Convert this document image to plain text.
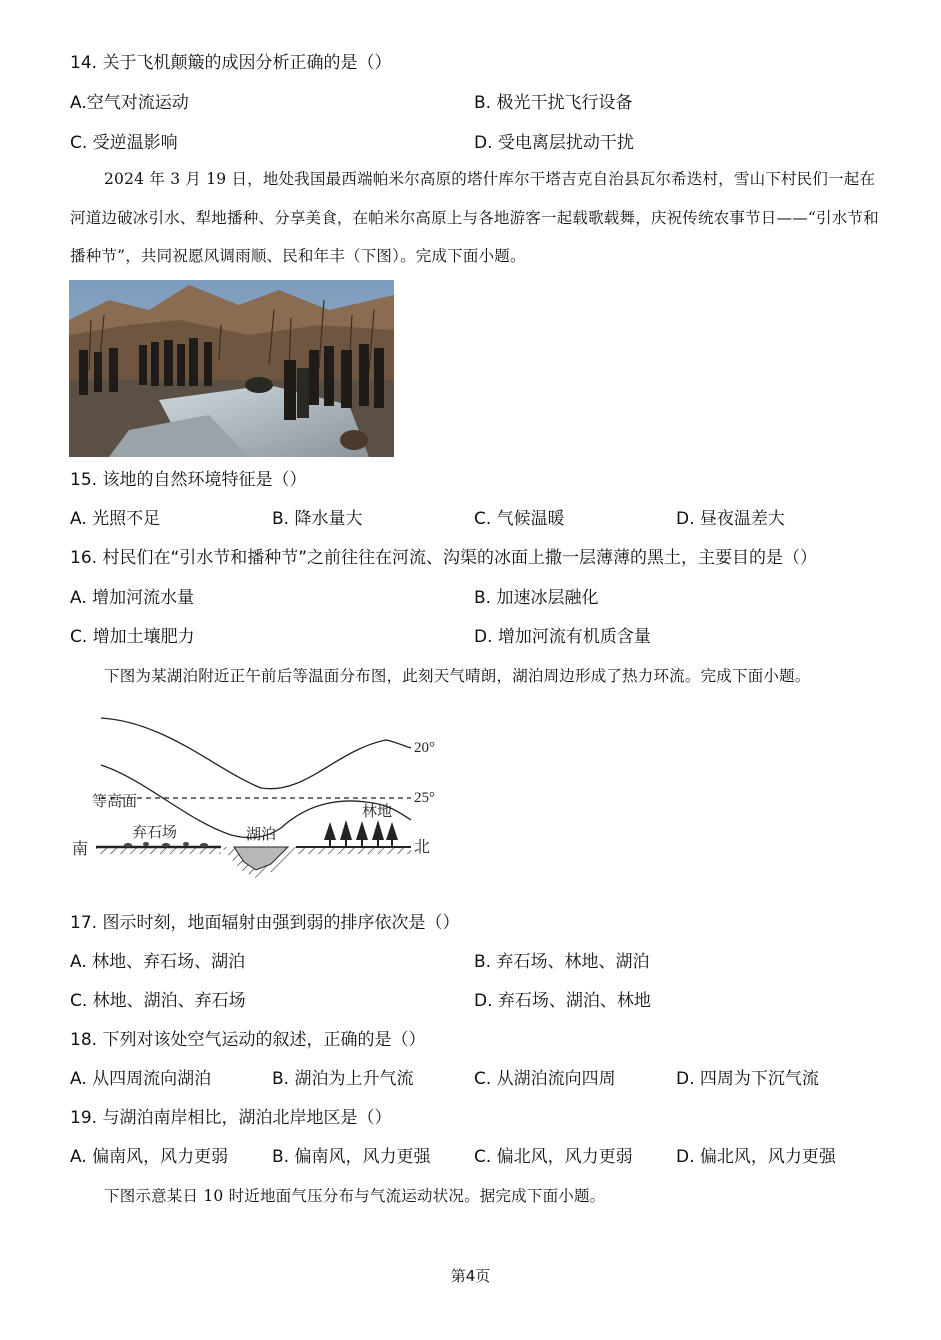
14. 关于飞机颠簸的成因分析正确的是（）
A.空气对流运动	B. 极光干扰飞行设备
C. 受逆温影响	D. 受电离层扰动干扰
2024 年 3 月 19 日，地处我国最西端帕米尔高原的塔什库尔干塔吉克自治县瓦尔希迭村，雪山下村民们一起在河道边破冰引水、犁地播种、分享美食，在帕米尔高原上与各地游客一起载歌载舞，庆祝传统农事节日——“引水节和播种节”，共同祝愿风调雨顺、民和年丰（下图）。完成下面小题。
15. 该地的自然环境特征是（）
A. 光照不足	B. 降水量大	C. 气候温暖	D. 昼夜温差大
16. 村民们在“引水节和播种节”之前往往在河流、沟渠的冰面上撒一层薄薄的黑土，主要目的是（）
A. 增加河流水量	B. 加速冰层融化
C. 增加土壤肥力	D. 增加河流有机质含量
下图为某湖泊附近正午前后等温面分布图，此刻天气晴朗，湖泊周边形成了热力环流。完成下面小题。
20°
25°
等高面
林地
弃石场	湖泊
南	北
17. 图示时刻，地面辐射由强到弱的排序依次是（）
A. 林地、弃石场、湖泊	B. 弃石场、林地、湖泊
C. 林地、湖泊、弃石场	D. 弃石场、湖泊、林地
18. 下列对该处空气运动的叙述，正确的是（）
A. 从四周流向湖泊	B. 湖泊为上升气流	C. 从湖泊流向四周	D. 四周为下沉气流
19. 与湖泊南岸相比，湖泊北岸地区是（）
A. 偏南风，风力更弱	B. 偏南风，风力更强	C. 偏北风，风力更弱	D. 偏北风，风力更强
下图示意某日 10 时近地面气压分布与气流运动状况。据完成下面小题。
第4页
